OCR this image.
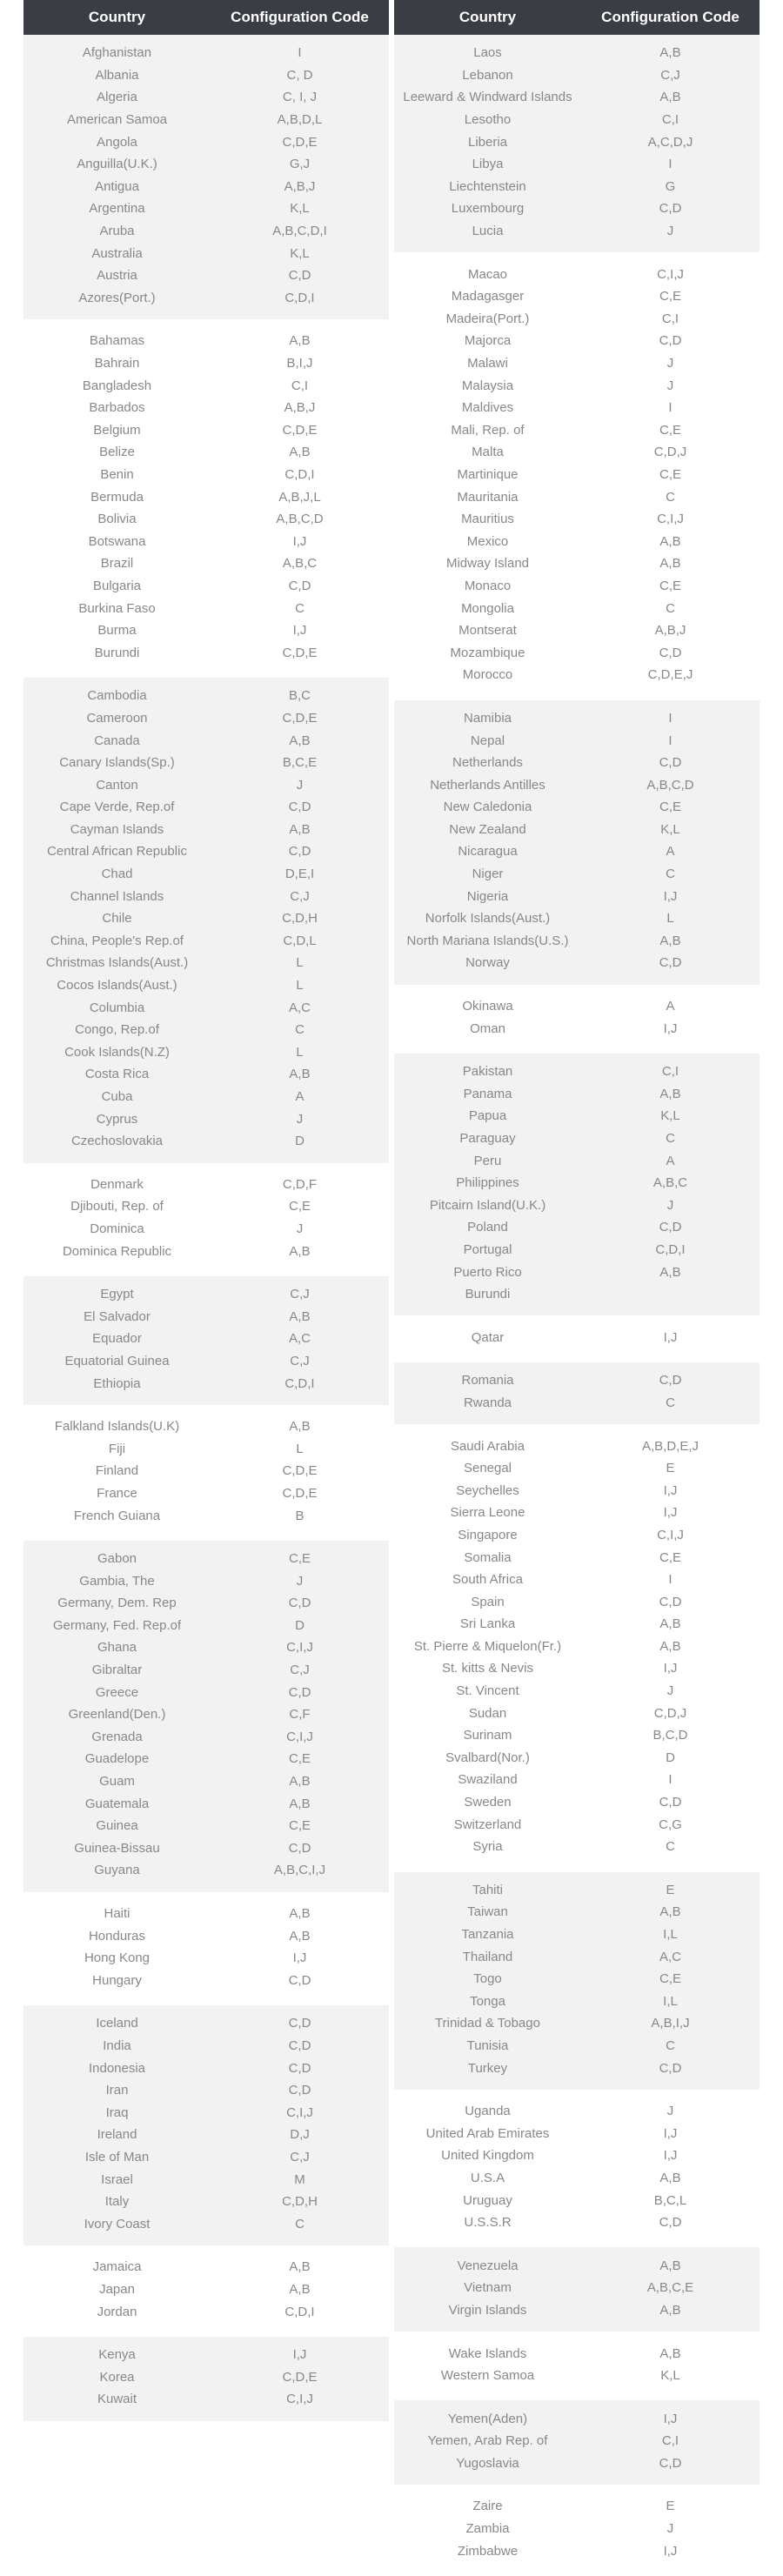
Country	Configuration Code
Afghanistan	I
Albania	C, D
Algeria	C, I, J
American Samoa	A,B,D,L
Angola	C,D,E
Anguilla(U.K.)	G,J
Antigua	A,B,J
Argentina	K,L
Aruba	A,B,C,D,I
Australia	K,L
Austria	C,D
Azores(Port.)	C,D,I
Bahamas	A,B
Bahrain	B,I,J
Bangladesh	C,I
Barbados	A,B,J
Belgium	C,D,E
Belize	A,B
Benin	C,D,I
Bermuda	A,B,J,L
Bolivia	A,B,C,D
Botswana	I,J
Brazil	A,B,C
Bulgaria	C,D
Burkina Faso	C
Burma	I,J
Burundi	C,D,E
Cambodia	B,C
Cameroon	C,D,E
Canada	A,B
Canary Islands(Sp.)	B,C,E
Canton	J
Cape Verde, Rep.of	C,D
Cayman Islands	A,B
Central African Republic	C,D
Chad	D,E,I
Channel Islands	C,J
Chile	C,D,H
China, People's Rep.of	C,D,L
Christmas Islands(Aust.)	L
Cocos Islands(Aust.)	L
Columbia	A,C
Congo, Rep.of	C
Cook Islands(N.Z)	L
Costa Rica	A,B
Cuba	A
Cyprus	J
Czechoslovakia	D
Denmark	C,D,F
Djibouti, Rep. of	C,E
Dominica	J
Dominica Republic	A,B
Egypt	C,J
El Salvador	A,B
Equador	A,C
Equatorial Guinea	C,J
Ethiopia	C,D,I
Falkland Islands(U.K)	A,B
Fiji	L
Finland	C,D,E
France	C,D,E
French Guiana	B
Gabon	C,E
Gambia, The	J
Germany, Dem. Rep	C,D
Germany, Fed. Rep.of	D
Ghana	C,I,J
Gibraltar	C,J
Greece	C,D
Greenland(Den.)	C,F
Grenada	C,I,J
Guadelope	C,E
Guam	A,B
Guatemala	A,B
Guinea	C,E
Guinea-Bissau	C,D
Guyana	A,B,C,I,J
Haiti	A,B
Honduras	A,B
Hong Kong	I,J
Hungary	C,D
Iceland	C,D
India	C,D
Indonesia	C,D
Iran	C,D
Iraq	C,I,J
Ireland	D,J
Isle of Man	C,J
Israel	M
Italy	C,D,H
Ivory Coast	C
Jamaica	A,B
Japan	A,B
Jordan	C,D,I
Kenya	I,J
Korea	C,D,E
Kuwait	C,I,J
Country	Configuration Code
Laos	A,B
Lebanon	C,J
Leeward & Windward Islands	A,B
Lesotho	C,I
Liberia	A,C,D,J
Libya	I
Liechtenstein	G
Luxembourg	C,D
Lucia	J
Macao	C,I,J
Madagasger	C,E
Madeira(Port.)	C,I
Majorca	C,D
Malawi	J
Malaysia	J
Maldives	I
Mali, Rep. of	C,E
Malta	C,D,J
Martinique	C,E
Mauritania	C
Mauritius	C,I,J
Mexico	A,B
Midway Island	A,B
Monaco	C,E
Mongolia	C
Montserat	A,B,J
Mozambique	C,D
Morocco	C,D,E,J
Namibia	I
Nepal	I
Netherlands	C,D
Netherlands Antilles	A,B,C,D
New Caledonia	C,E
New Zealand	K,L
Nicaragua	A
Niger	C
Nigeria	I,J
Norfolk Islands(Aust.)	L
North Mariana Islands(U.S.)	A,B
Norway	C,D
Okinawa	A
Oman	I,J
Pakistan	C,I
Panama	A,B
Papua	K,L
Paraguay	C
Peru	A
Philippines	A,B,C
Pitcairn Island(U.K.)	J
Poland	C,D
Portugal	C,D,I
Puerto Rico	A,B
Burundi
Qatar	I,J
Romania	C,D
Rwanda	C
Saudi Arabia	A,B,D,E,J
Senegal	E
Seychelles	I,J
Sierra Leone	I,J
Singapore	C,I,J
Somalia	C,E
South Africa	I
Spain	C,D
Sri Lanka	A,B
St. Pierre & Miquelon(Fr.)	A,B
St. kitts & Nevis	I,J
St. Vincent	J
Sudan	C,D,J
Surinam	B,C,D
Svalbard(Nor.)	D
Swaziland	I
Sweden	C,D
Switzerland	C,G
Syria	C
Tahiti	E
Taiwan	A,B
Tanzania	I,L
Thailand	A,C
Togo	C,E
Tonga	I,L
Trinidad & Tobago	A,B,I,J
Tunisia	C
Turkey	C,D
Uganda	J
United Arab Emirates	I,J
United Kingdom	I,J
U.S.A	A,B
Uruguay	B,C,L
U.S.S.R	C,D
Venezuela	A,B
Vietnam	A,B,C,E
Virgin Islands	A,B
Wake Islands	A,B
Western Samoa	K,L
Yemen(Aden)	I,J
Yemen, Arab Rep. of	C,I
Yugoslavia	C,D
Zaire	E
Zambia	J
Zimbabwe	I,J
